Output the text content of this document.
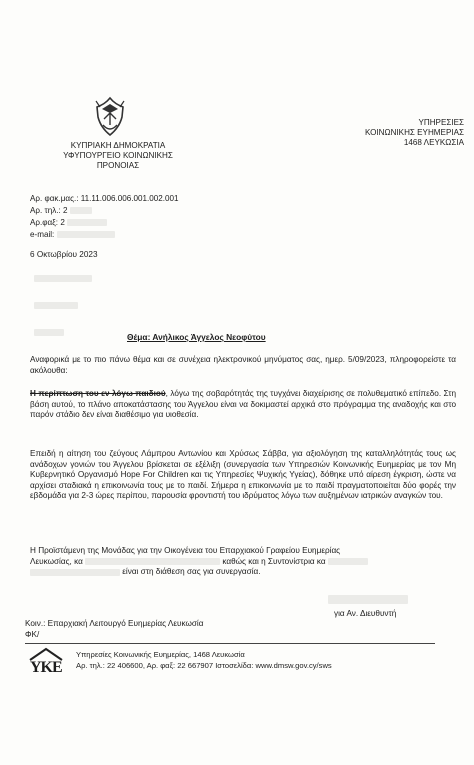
ΚΥΠΡΙΑΚΗ ΔΗΜΟΚΡΑΤΙΑ
ΥΦΥΠΟΥΡΓΕΙΟ ΚΟΙΝΩΝΙΚΗΣ
ΠΡΟΝΟΙΑΣ
ΥΠΗΡΕΣΙΕΣ
ΚΟΙΝΩΝΙΚΗΣ ΕΥΗΜΕΡΙΑΣ
1468 ΛΕΥΚΩΣΙΑ
Αρ. φακ.μας.: 11.11.006.006.001.002.001
Αρ. τηλ.: 2
Αρ.φαξ: 2
e-mail:
6 Οκτωβρίου 2023
Θέμα: Ανήλικος Άγγελος Νεοφύτου
Αναφορικά με το πιο πάνω θέμα και σε συνέχεια ηλεκτρονικού μηνύματος σας, ημερ. 5/09/2023, πληροφορείστε τα ακόλουθα:
Η περίπτωση του εν λόγω παιδιού, λόγω της σοβαρότητάς της τυγχάνει διαχείρισης σε πολυθεματικό επίπεδο. Στη βάση αυτού, το πλάνο αποκατάστασης του Άγγελου είναι να δοκιμαστεί αρχικά στο πρόγραμμα της αναδοχής και στο παρόν στάδιο δεν είναι διαθέσιμο για υιοθεσία.
Επειδή η αίτηση του ζεύγους Λάμπρου Αντωνίου και Χρύσως Σάββα, για αξιολόγηση της καταλληλότητάς τους ως ανάδοχων γονιών του Άγγελου βρίσκεται σε εξέλιξη (συνεργασία των Υπηρεσιών Κοινωνικής Ευημερίας με τον Μη Κυβερνητικό Οργανισμό Hope For Children και τις Υπηρεσίες Ψυχικής Υγείας), δόθηκε υπό αίρεση έγκριση, ώστε να αρχίσει σταδιακά η επικοινωνία τους με το παιδί. Σήμερα η επικοινωνία με το παιδί πραγματοποιείται δύο φορές την εβδομάδα για 2-3 ώρες περίπου, παρουσία φροντιστή του ιδρύματος λόγω των αυξημένων ιατρικών αναγκών του.
Η Προϊστάμενη της Μονάδας για την Οικογένεια του Επαρχιακού Γραφείου Ευημερίας
Λευκωσίας, κα	καθώς και η Συντονίστρια κα
είναι στη διάθεση σας για συνεργασία.
για Αν. Διευθυντή
Κοιν.: Επαρχιακή Λειτουργό Ευημερίας Λευκωσία
ΦΚ/
ΥΚΕ
Υπηρεσίες Κοινωνικής Ευημερίας, 1468 Λευκωσία
Αρ. τηλ.: 22 406600, Αρ. φαξ: 22 667907 Ιστοσελίδα: www.dmsw.gov.cy/sws
